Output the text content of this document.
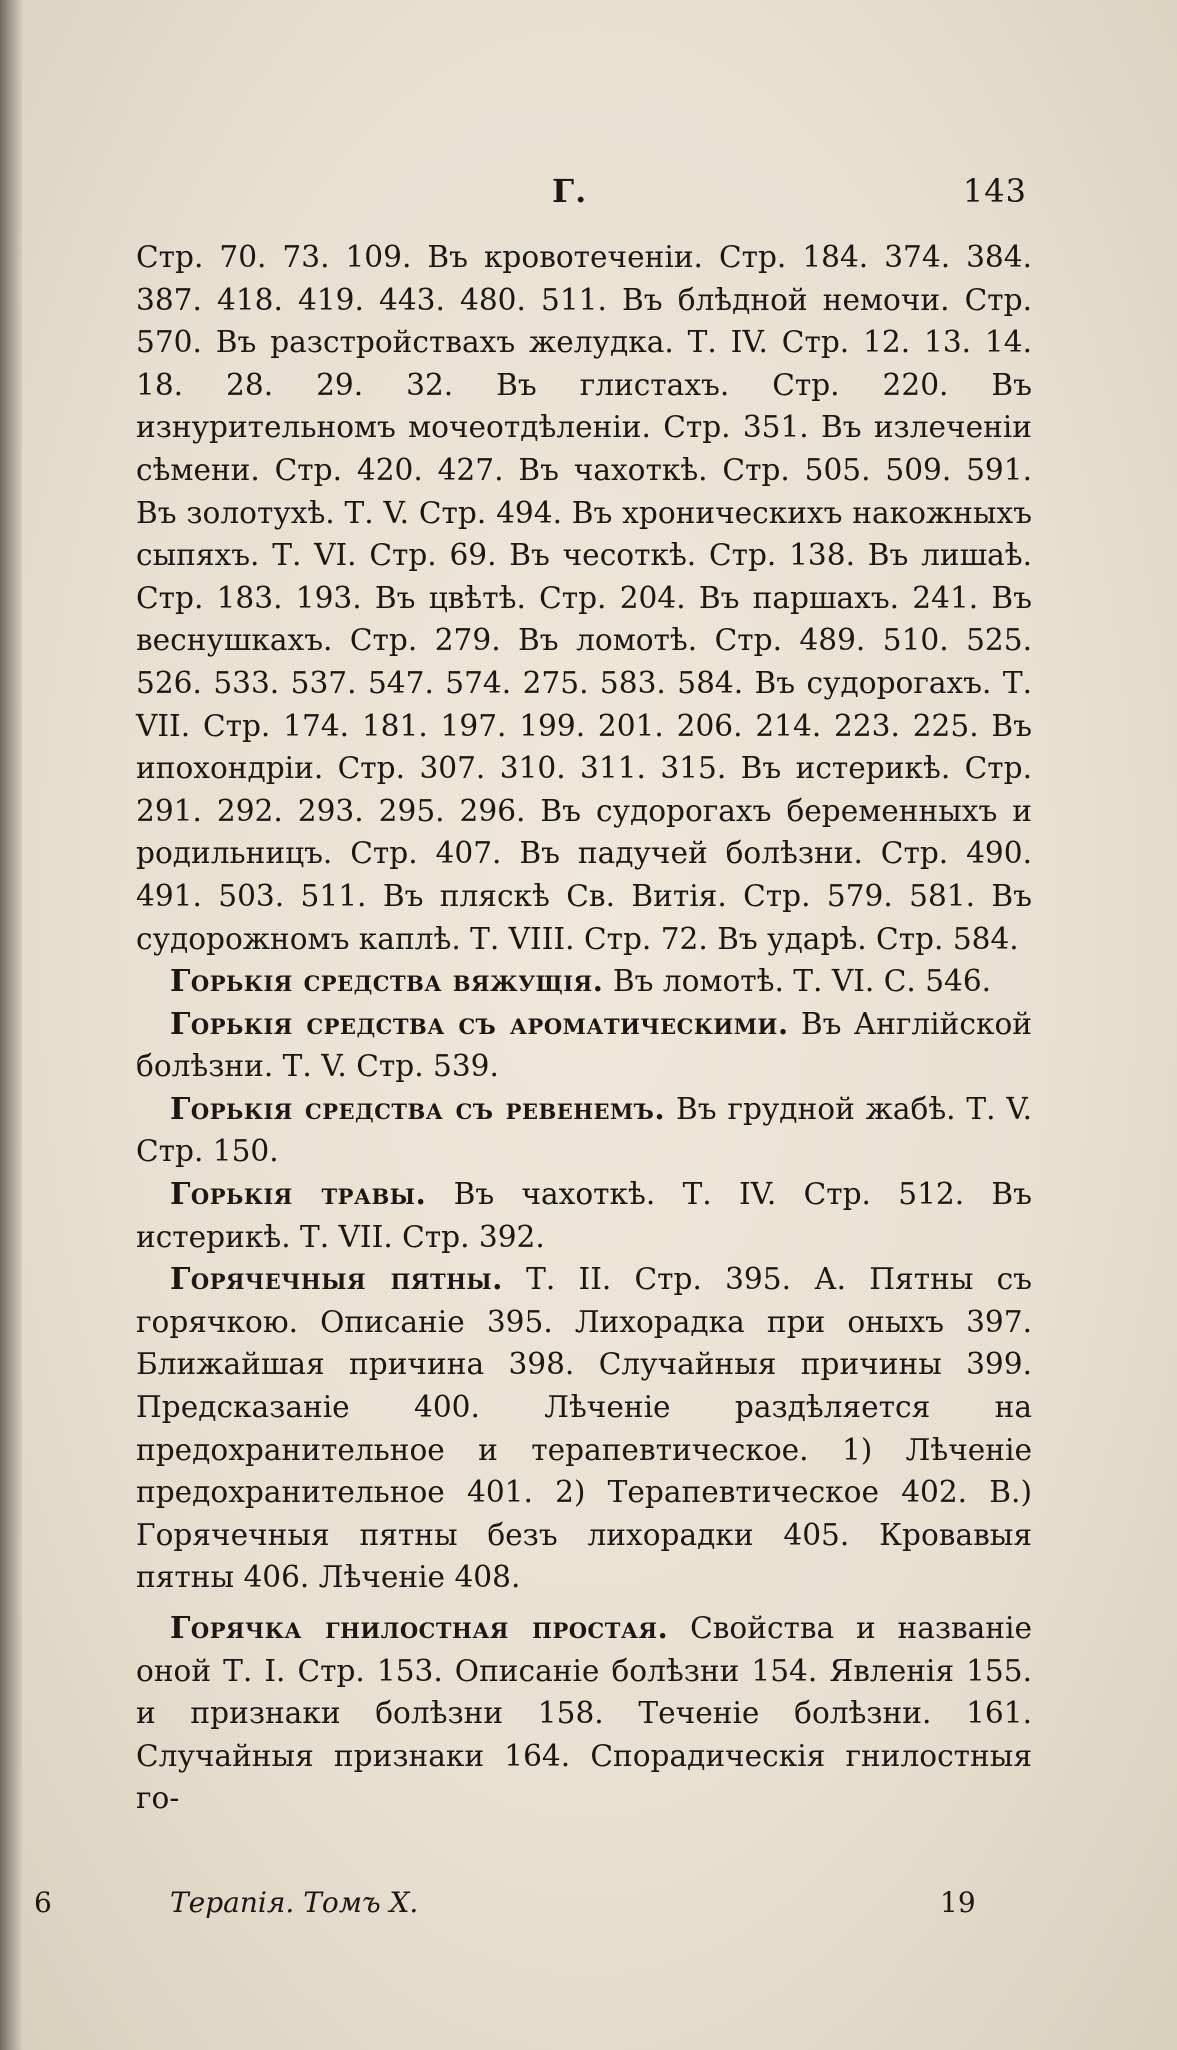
Г.	143

Стр. 70. 73. 109. Въ кровотеченіи. Стр. 184. 374. 384. 387. 418. 419. 443. 480. 511. Въ блѣдной немочи. Стр. 570. Въ разстройствахъ желудка. Т. IV. Стр. 12. 13. 14. 18. 28. 29. 32. Въ глистахъ. Стр. 220. Въ изнурительномъ мочеотдѣленіи. Стр. 351. Въ излеченіи сѣмени. Стр. 420. 427. Въ чахоткѣ. Стр. 505. 509. 591. Въ золотухѣ. Т. V. Стр. 494. Въ хроническихъ накожныхъ сыпяхъ. Т. VI. Стр. 69. Въ чесоткѣ. Стр. 138. Въ лишаѣ. Стр. 183. 193. Въ цвѣтѣ. Стр. 204. Въ паршахъ. 241. Въ веснушкахъ. Стр. 279. Въ ломотѣ. Стр. 489. 510. 525. 526. 533. 537. 547. 574. 275. 583. 584. Въ судорогахъ. Т. VII. Стр. 174. 181. 197. 199. 201. 206. 214. 223. 225. Въ ипохондріи. Стр. 307. 310. 311. 315. Въ истерикѣ. Стр. 291. 292. 293. 295. 296. Въ судорогахъ беременныхъ и родильницъ. Стр. 407. Въ падучей болѣзни. Стр. 490. 491. 503. 511. Въ пляскѣ Св. Витія. Стр. 579. 581. Въ судорожномъ каплѣ. Т. VIII. Стр. 72. Въ ударѣ. Стр. 584.

Горькія средства вяжущія. Въ ломотѣ. Т. VI. С. 546.

Горькія средства съ ароматическими. Въ Англійской болѣзни. Т. V. Стр. 539.

Горькія средства съ ревенемъ. Въ грудной жабѣ. Т. V. Стр. 150.

Горькія травы. Въ чахоткѣ. Т. IV. Стр. 512. Въ истерикѣ. Т. VII. Стр. 392.

Горячечныя пятны. Т. II. Стр. 395. А. Пятны съ горячкою. Описаніе 395. Лихорадка при оныхъ 397. Ближайшая причина 398. Случайныя причины 399. Предсказаніе 400. Лѣченіе раздѣляется на предохранительное и терапевтическое. 1) Лѣченіе предохранительное 401. 2) Терапевтическое 402. В.) Горячечныя пятны безъ лихорадки 405. Кровавыя пятны 406. Лѣченіе 408.

Горячка гнилостная простая. Свойства и названіе оной Т. I. Стр. 153. Описаніе болѣзни 154. Явленія 155. и признаки болѣзни 158. Теченіе болѣзни. 161. Случайныя признаки 164. Спорадическія гнилостныя го-

6	Терапія. Томъ X.	19
